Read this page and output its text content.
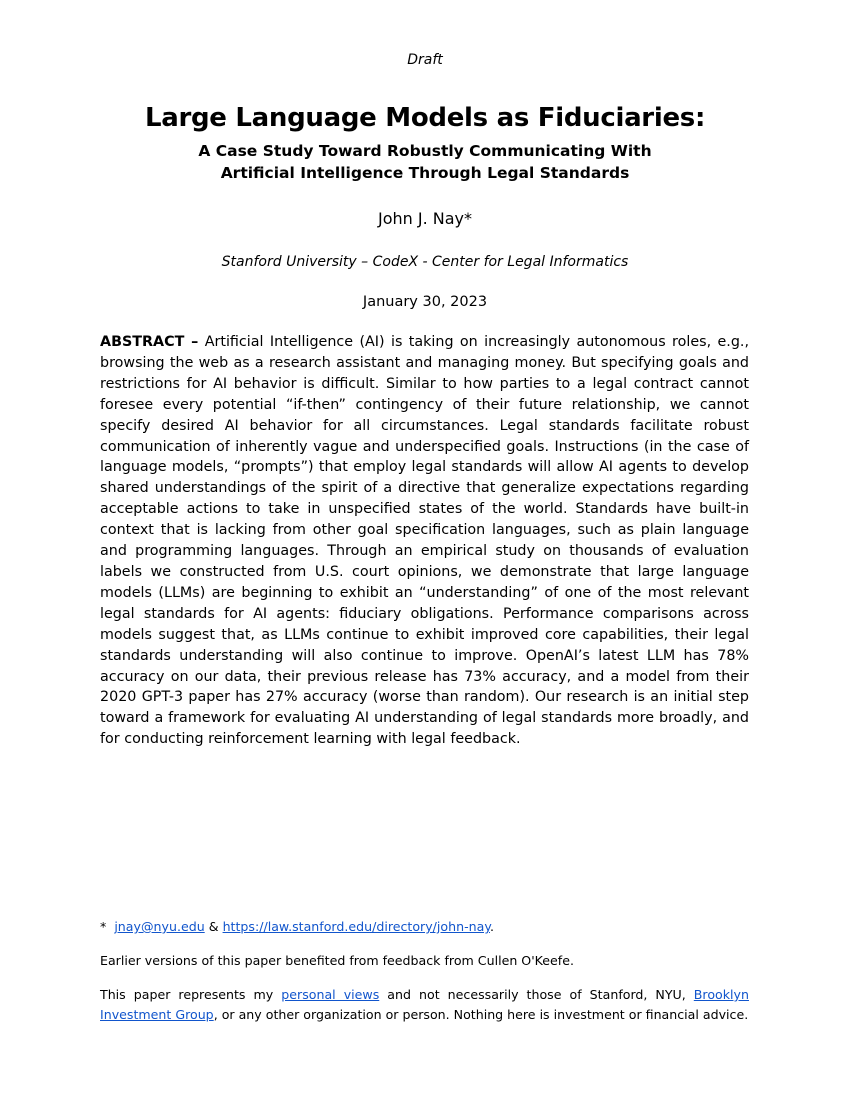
Draft
Large Language Models as Fiduciaries:
A Case Study Toward Robustly Communicating With
Artificial Intelligence Through Legal Standards
John J. Nay*
Stanford University – CodeX - Center for Legal Informatics
January 30, 2023

ABSTRACT – Artificial Intelligence (AI) is taking on increasingly autonomous roles, e.g., browsing the web as a research assistant and managing money. But specifying goals and restrictions for AI behavior is difficult. Similar to how parties to a legal contract cannot foresee every potential “if-then” contingency of their future relationship, we cannot specify desired AI behavior for all circumstances. Legal standards facilitate robust communication of inherently vague and underspecified goals. Instructions (in the case of language models, “prompts”) that employ legal standards will allow AI agents to develop shared understandings of the spirit of a directive that generalize expectations regarding acceptable actions to take in unspecified states of the world. Standards have built-in context that is lacking from other goal specification languages, such as plain language and programming languages. Through an empirical study on thousands of evaluation labels we constructed from U.S. court opinions, we demonstrate that large language models (LLMs) are beginning to exhibit an “understanding” of one of the most relevant legal standards for AI agents: fiduciary obligations. Performance comparisons across models suggest that, as LLMs continue to exhibit improved core capabilities, their legal standards understanding will also continue to improve. OpenAI’s latest LLM has 78% accuracy on our data, their previous release has 73% accuracy, and a model from their 2020 GPT-3 paper has 27% accuracy (worse than random). Our research is an initial step toward a framework for evaluating AI understanding of legal standards more broadly, and for conducting reinforcement learning with legal feedback.

* jnay@nyu.edu & https://law.stanford.edu/directory/john-nay.

Earlier versions of this paper benefited from feedback from Cullen O'Keefe.

This paper represents my personal views and not necessarily those of Stanford, NYU, Brooklyn Investment Group, or any other organization or person. Nothing here is investment or financial advice.
